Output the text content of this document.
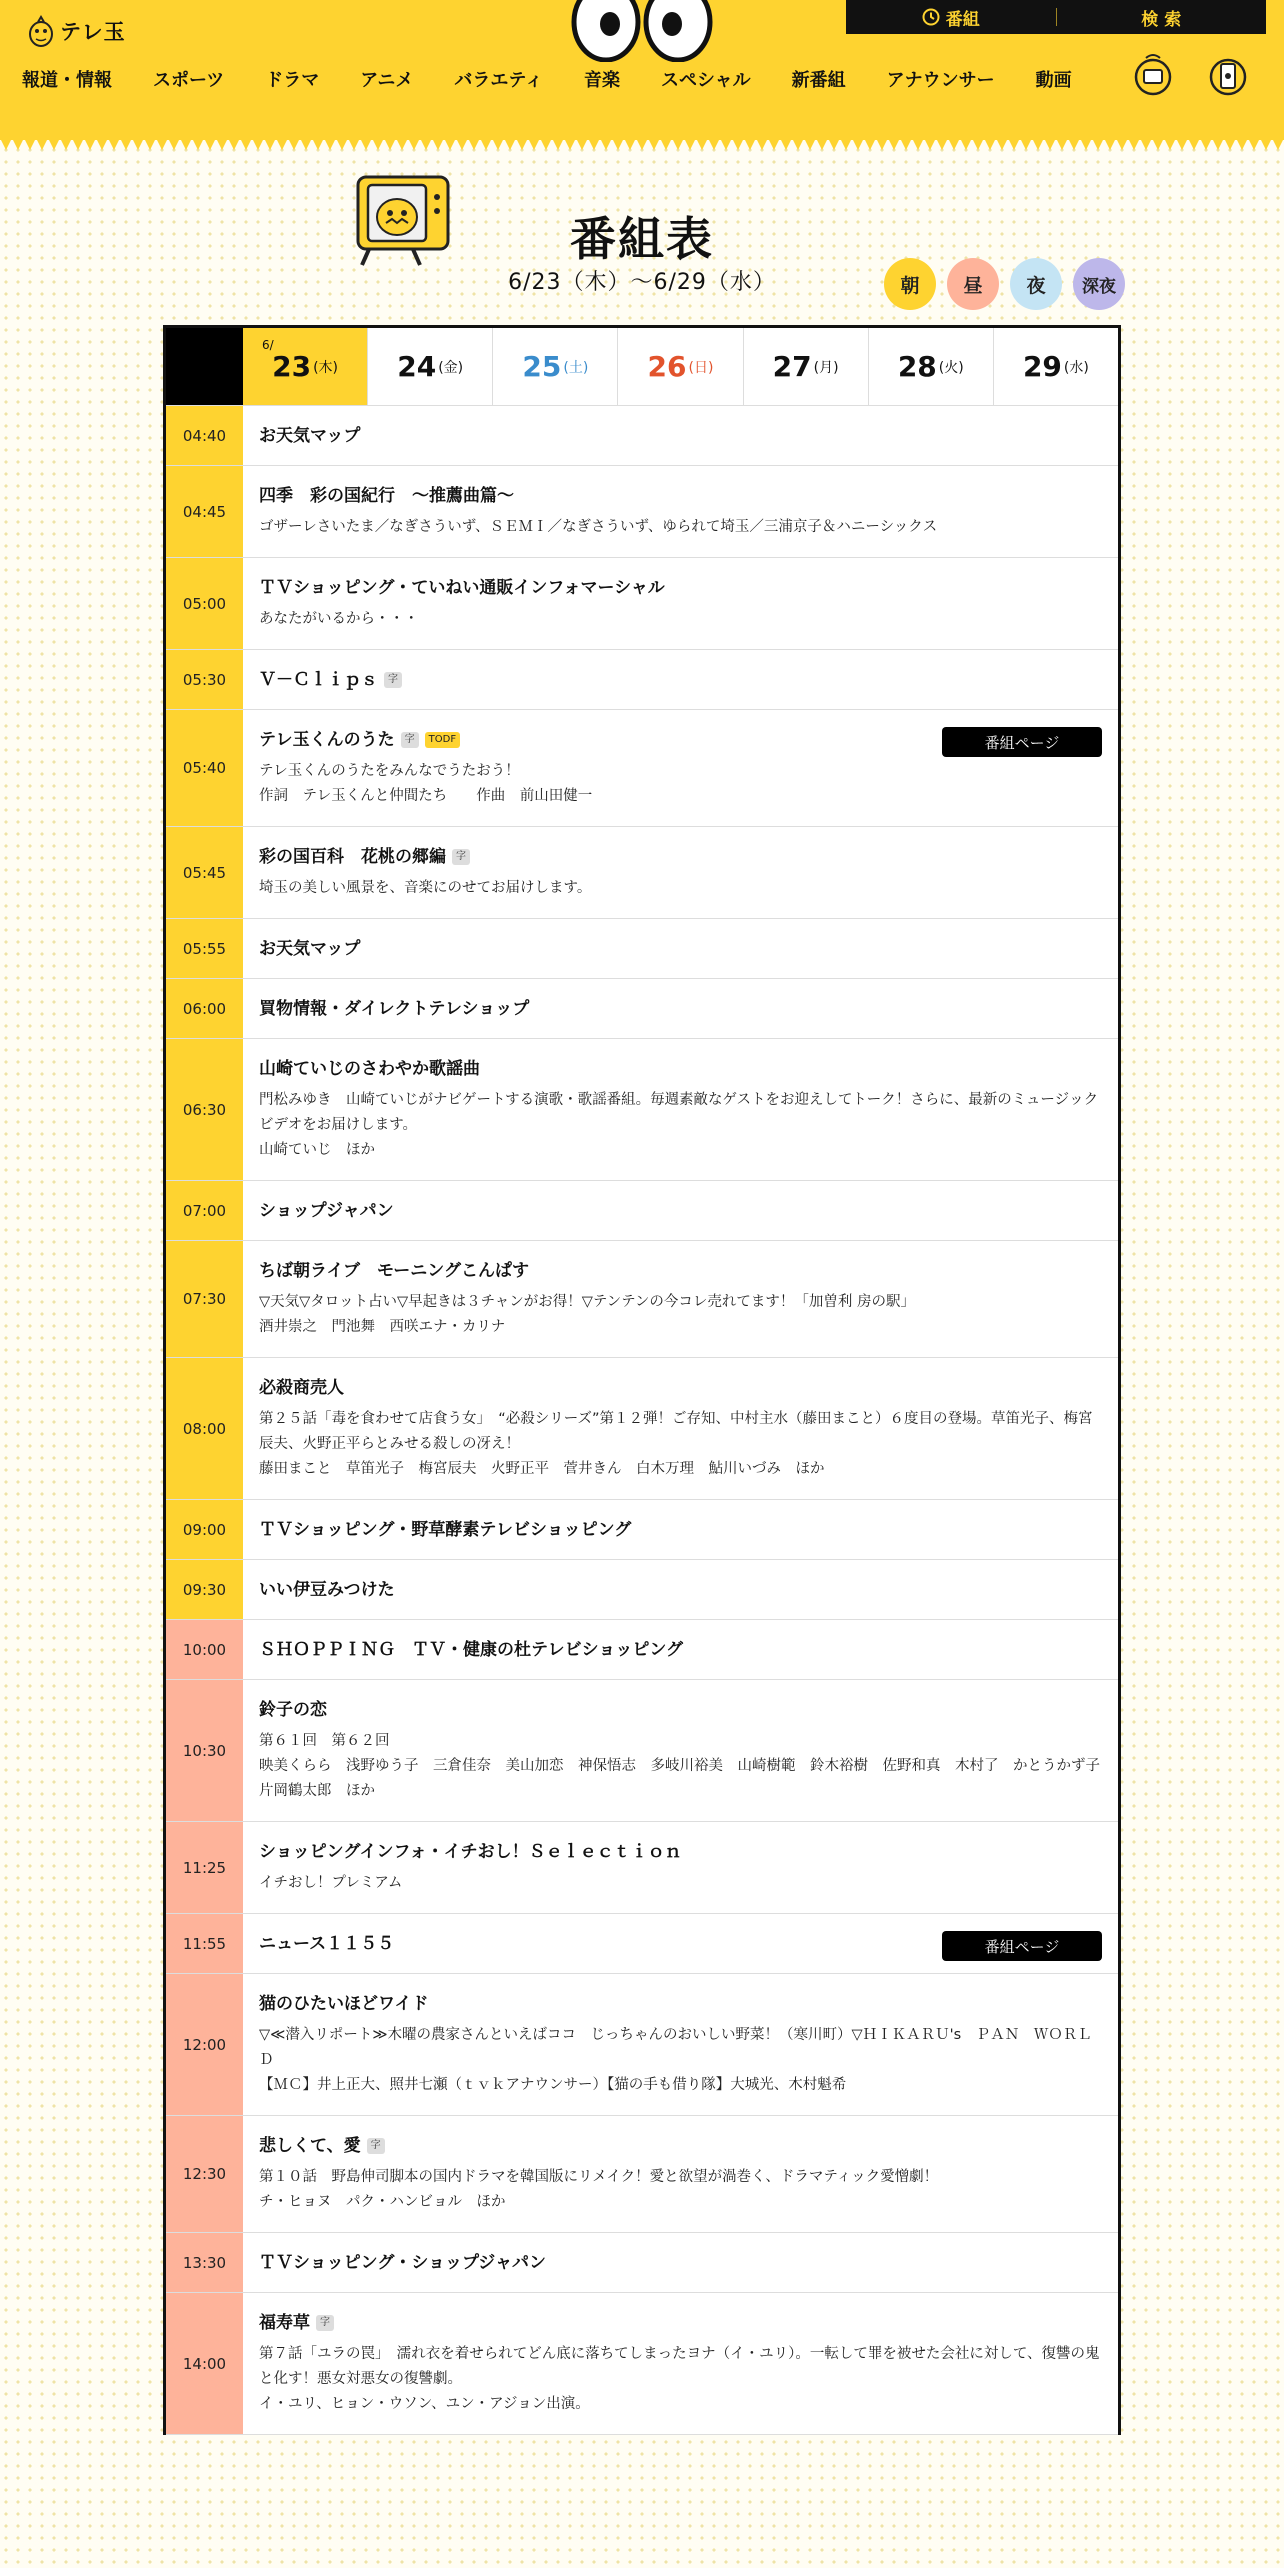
テレ玉
番組	検 索
報道・情報 スポーツ ドラマ アニメ バラエティ 音楽 スペシャル 新番組 アナウンサー 動画
番組表
6/23（木）〜6/29（水）	朝	昼	夜	深夜
6/
23 (木) 24 (金) 25 (土) 26 (日) 27 (月) 28 (火) 29 (水)
04:40	お天気マップ
04:45
四季　彩の国紀行　～推薦曲篇～
ゴザーレさいたま／なぎさういず、ＳＥＭＩ／なぎさういず、ゆられて埼玉／三浦京子＆ハニーシックス
05:00
ＴＶショッピング・ていねい通販インフォマーシャル
あなたがいるから・・・
05:30	Ｖ－Ｃｌｉｐｓ	字
05:40
テレ玉くんのうた	字	TODF
テレ玉くんのうたをみんなでうたおう！
作詞　テレ玉くんと仲間たち　　作曲　前山田健一
番組ページ
05:45
彩の国百科　花桃の郷編	字
埼玉の美しい風景を、音楽にのせてお届けします。
05:55	お天気マップ
06:00	買物情報・ダイレクトテレショップ
06:30
山崎ていじのさわやか歌謡曲
門松みゆき　山崎ていじがナビゲートする演歌・歌謡番組。毎週素敵なゲストをお迎えしてトーク！さらに、最新のミュージックビデオをお届けします。
山崎ていじ　ほか
07:00	ショップジャパン
07:30
ちば朝ライブ　モーニングこんぱす
▽天気▽タロット占い▽早起きは３チャンがお得！▽テンテンの今コレ売れてます！「加曽利 房の駅」
酒井崇之　門池舞　西咲エナ・カリナ
08:00
必殺商売人
第２５話「毒を食わせて店食う女」　“必殺シリーズ”第１２弾！ご存知、中村主水（藤田まこと）６度目の登場。草笛光子、梅宮辰夫、火野正平らとみせる殺しの冴え！
藤田まこと　草笛光子　梅宮辰夫　火野正平　菅井きん　白木万理　鮎川いづみ　ほか
09:00	ＴＶショッピング・野草酵素テレビショッピング
09:30	いい伊豆みつけた
10:00	ＳＨＯＰＰＩＮＧ　ＴＶ・健康の杜テレビショッピング
10:30
鈴子の恋
第６１回　第６２回
映美くらら　浅野ゆう子　三倉佳奈　美山加恋　神保悟志　多岐川裕美　山崎樹範　鈴木裕樹　佐野和真　木村了　かとうかず子　片岡鶴太郎　ほか
11:25
ショッピングインフォ・イチおし！Ｓｅｌｅｃｔｉｏｎ
イチおし！プレミアム
11:55	ニュース１１５５	番組ページ
12:00
猫のひたいほどワイド
▽≪潜入リポート≫木曜の農家さんといえばココ　じっちゃんのおいしい野菜！（寒川町）▽ＨＩＫＡＲＵ's　ＰＡＮ　ＷＯＲＬＤ
【ＭＣ】井上正大、照井七瀬（ｔｖｋアナウンサー）【猫の手も借り隊】大城光、木村魁希
12:30
悲しくて、愛	字
第１０話　野島伸司脚本の国内ドラマを韓国版にリメイク！愛と欲望が渦巻く、ドラマティック愛憎劇！
チ・ヒョヌ　パク・ハンビョル　ほか
13:30	ＴＶショッピング・ショップジャパン
14:00
福寿草	字
第７話「ユラの罠」　濡れ衣を着せられてどん底に落ちてしまったヨナ（イ・ユリ）。一転して罪を被せた会社に対して、復讐の鬼と化す！悪女対悪女の復讐劇。
イ・ユリ、ヒョン・ウソン、ユン・アジョン出演。
